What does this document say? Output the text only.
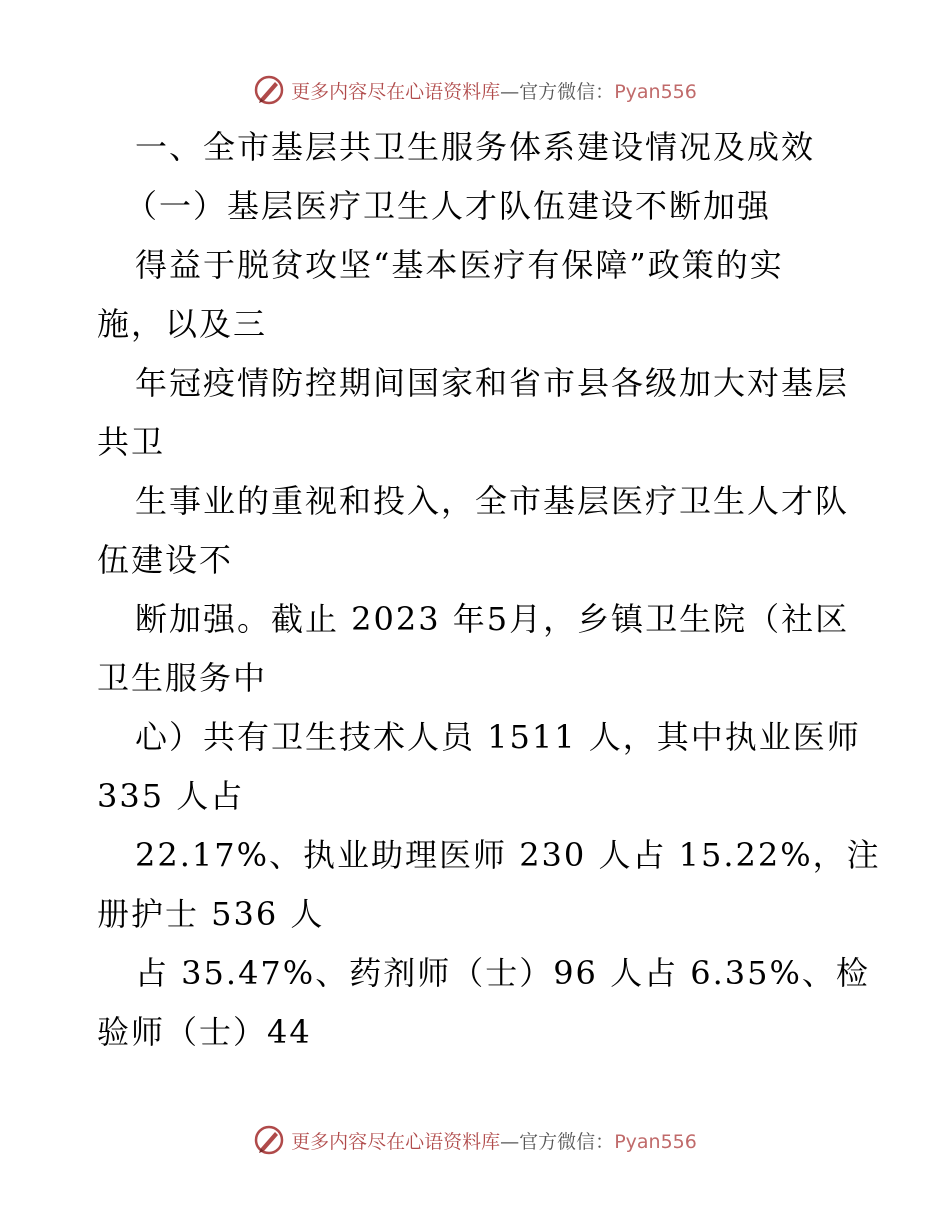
更多内容尽在心语资料库—官方微信：Pyan556
一、全市基层共卫生服务体系建设情况及成效
（一）基层医疗卫生人才队伍建设不断加强
得益于脱贫攻坚“基本医疗有保障”政策的实
施，以及三
年冠疫情防控期间国家和省市县各级加大对基层
共卫
生事业的重视和投入，全市基层医疗卫生人才队
伍建设不
断加强。截止 2023 年5月，乡镇卫生院（社区
卫生服务中
心）共有卫生技术人员 1511 人，其中执业医师
335 人占
22.17%、执业助理医师 230 人占 15.22%，注
册护士 536 人
占 35.47%、药剂师（士）96 人占 6.35%、检
验师（士）44
更多内容尽在心语资料库—官方微信：Pyan556
